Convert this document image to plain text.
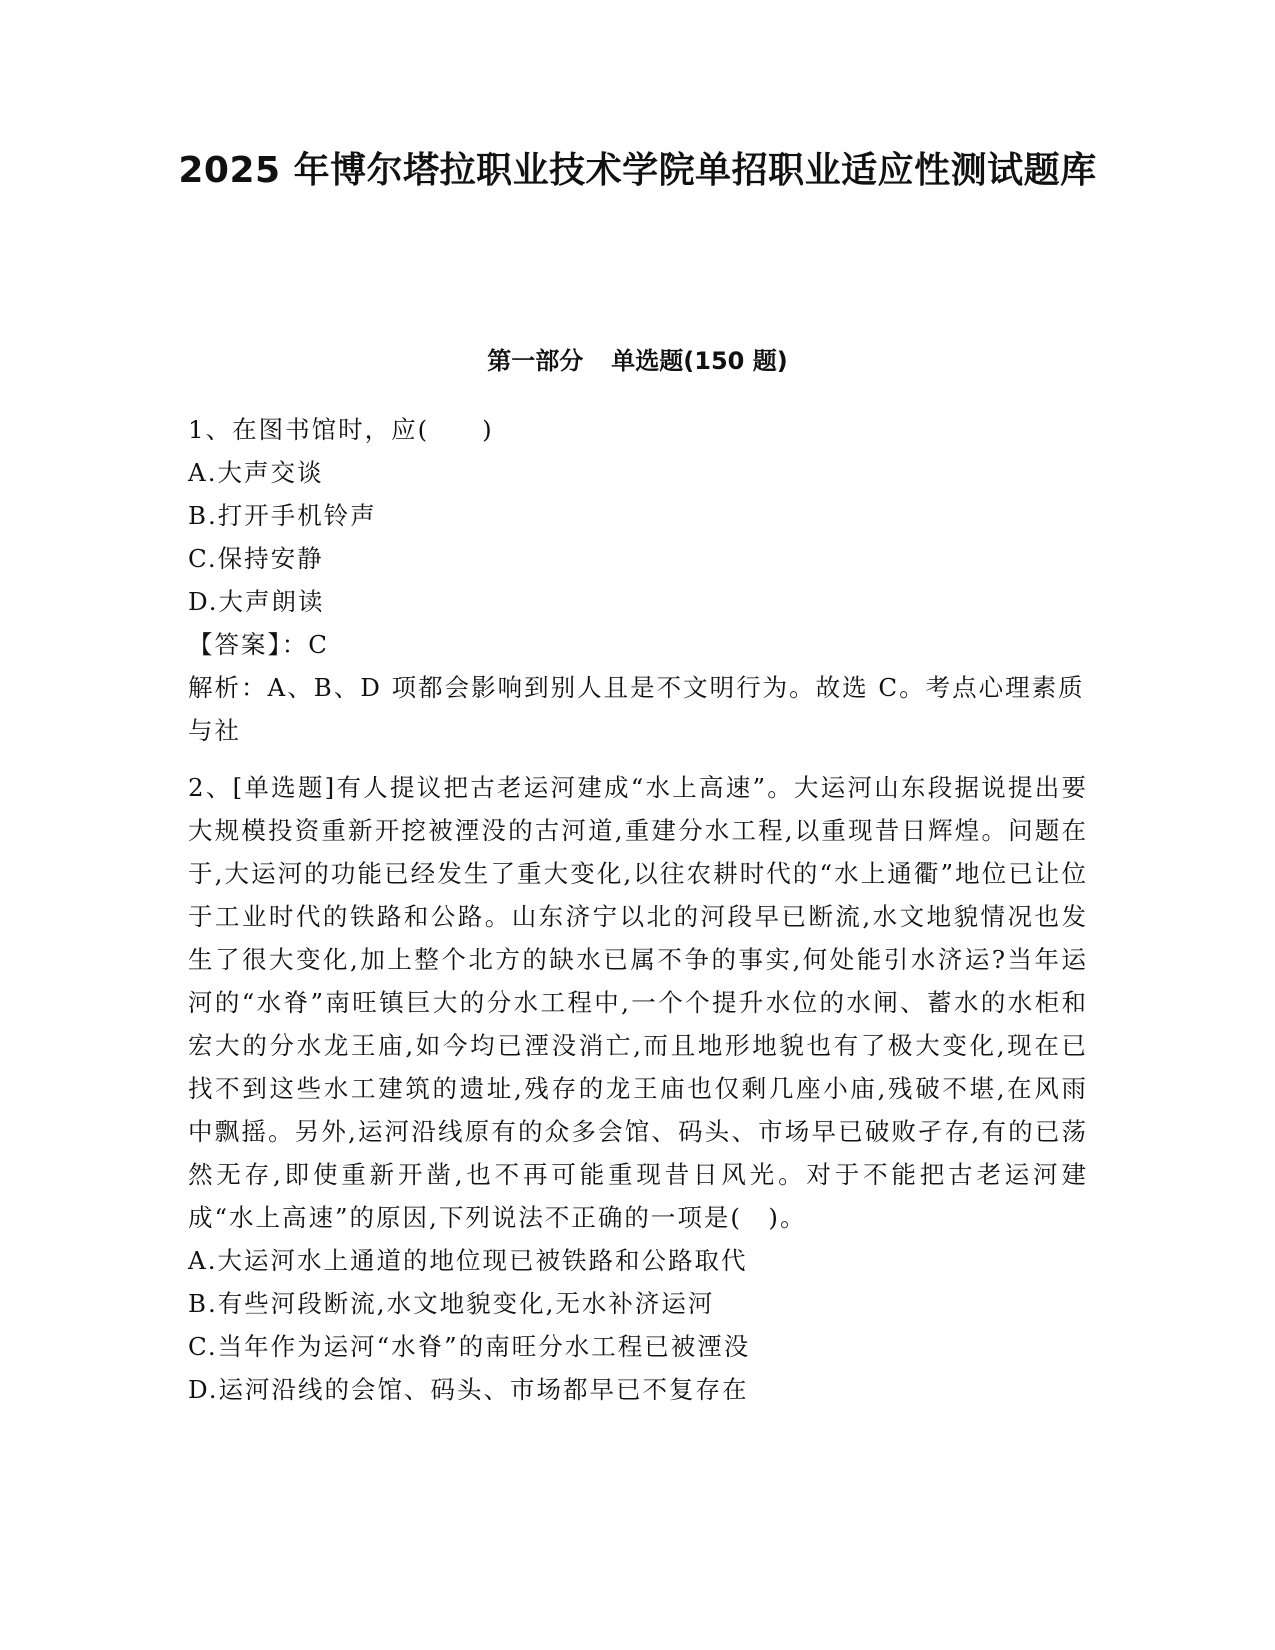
2025 年博尔塔拉职业技术学院单招职业适应性测试题库
第一部分 单选题(150 题)
1、在图书馆时，应(　　)
A.大声交谈
B.打开手机铃声
C.保持安静
D.大声朗读
【答案】：C
解析：A、B、D 项都会影响到别人且是不文明行为。故选 C。考点心理素质与社
2、[单选题]有人提议把古老运河建成“水上高速”。大运河山东段据说提出要大规模投资重新开挖被湮没的古河道,重建分水工程,以重现昔日辉煌。问题在于,大运河的功能已经发生了重大变化,以往农耕时代的“水上通衢”地位已让位于工业时代的铁路和公路。山东济宁以北的河段早已断流,水文地貌情况也发生了很大变化,加上整个北方的缺水已属不争的事实,何处能引水济运?当年运河的“水脊”南旺镇巨大的分水工程中,一个个提升水位的水闸、蓄水的水柜和宏大的分水龙王庙,如今均已湮没消亡,而且地形地貌也有了极大变化,现在已找不到这些水工建筑的遗址,残存的龙王庙也仅剩几座小庙,残破不堪,在风雨中飘摇。另外,运河沿线原有的众多会馆、码头、市场早已破败孑存,有的已荡然无存,即使重新开凿,也不再可能重现昔日风光。对于不能把古老运河建成“水上高速”的原因,下列说法不正确的一项是(　)。
A.大运河水上通道的地位现已被铁路和公路取代
B.有些河段断流,水文地貌变化,无水补济运河
C.当年作为运河“水脊”的南旺分水工程已被湮没
D.运河沿线的会馆、码头、市场都早已不复存在
